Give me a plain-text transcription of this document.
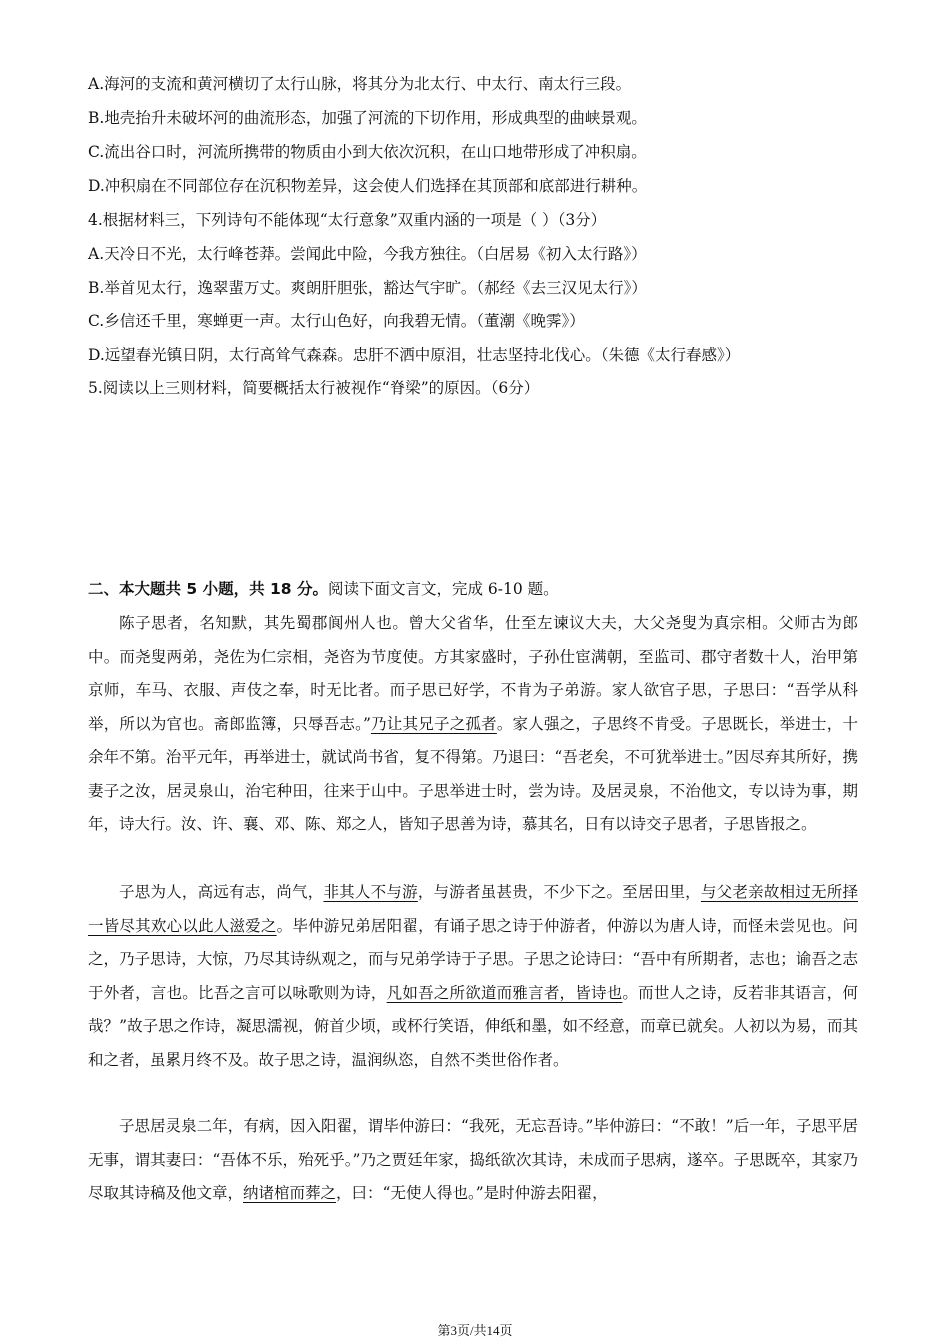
A.海河的支流和黄河横切了太行山脉，将其分为北太行、中太行、南太行三段。
B.地壳抬升未破坏河的曲流形态，加强了河流的下切作用，形成典型的曲峡景观。
C.流出谷口时，河流所携带的物质由小到大依次沉积，在山口地带形成了冲积扇。
D.冲积扇在不同部位存在沉积物差异，这会使人们选择在其顶部和底部进行耕种。
4.根据材料三，下列诗句不能体现“太行意象”双重内涵的一项是（ ）（3分）
A.天冷日不光，太行峰苍莽。尝闻此中险，今我方独往。（白居易《初入太行路》）
B.举首见太行，逸翠蜚万丈。爽朗肝胆张，豁达气宇旷。（郝经《去三汉见太行》）
C.乡信还千里，寒蝉更一声。太行山色好，向我碧无情。（董潮《晚霁》）
D.远望春光镇日阴，太行高耸气森森。忠肝不洒中原泪，壮志坚持北伐心。（朱德《太行春感》）
5.阅读以上三则材料，简要概括太行被视作“脊梁”的原因。（6分）
二、本大题共 5 小题，共 18 分。阅读下面文言文，完成 6-10 题。

陈子思者，名知默，其先蜀郡阆州人也。曾大父省华，仕至左谏议大夫，大父尧叟为真宗相。父师古为郎中。而尧叟两弟，尧佐为仁宗相，尧咨为节度使。方其家盛时，子孙仕宦满朝，至监司、郡守者数十人，治甲第京师，车马、衣服、声伎之奉，时无比者。而子思已好学，不肯为子弟游。家人欲官子思，子思曰：“吾学从科举，所以为官也。斋郎监簿，只辱吾志。”乃让其兄子之孤者。家人强之，子思终不肯受。子思既长，举进士，十余年不第。治平元年，再举进士，就试尚书省，复不得第。乃退曰：“吾老矣，不可犹举进士。”因尽弃其所好，携妻子之汝，居灵泉山，治宅种田，往来于山中。子思举进士时，尝为诗。及居灵泉，不治他文，专以诗为事，期年，诗大行。汝、许、襄、邓、陈、郑之人，皆知子思善为诗，慕其名，日有以诗交子思者，子思皆报之。

子思为人，高远有志，尚气，非其人不与游，与游者虽甚贵，不少下之。至居田里，与父老亲故相过无所择一皆尽其欢心以此人滋爱之。毕仲游兄弟居阳翟，有诵子思之诗于仲游者，仲游以为唐人诗，而怪未尝见也。问之，乃子思诗，大惊，乃尽其诗纵观之，而与兄弟学诗于子思。子思之论诗曰：“吾中有所期者，志也；谕吾之志于外者，言也。比吾之言可以咏歌则为诗，凡如吾之所欲道而雅言者，皆诗也。而世人之诗，反若非其语言，何哉？”故子思之作诗，凝思濡视，俯首少顷，或杯行笑语，伸纸和墨，如不经意，而章已就矣。人初以为易，而其和之者，虽累月终不及。故子思之诗，温润纵恣，自然不类世俗作者。

子思居灵泉二年，有病，因入阳翟，谓毕仲游曰：“我死，无忘吾诗。”毕仲游曰：“不敢！”后一年，子思平居无事，谓其妻曰：“吾体不乐，殆死乎。”乃之贾廷年家，捣纸欲次其诗，未成而子思病，遂卒。子思既卒，其家乃尽取其诗稿及他文章，纳诸棺而葬之，曰：“无使人得也。”是时仲游去阳翟，

第3页/共14页
